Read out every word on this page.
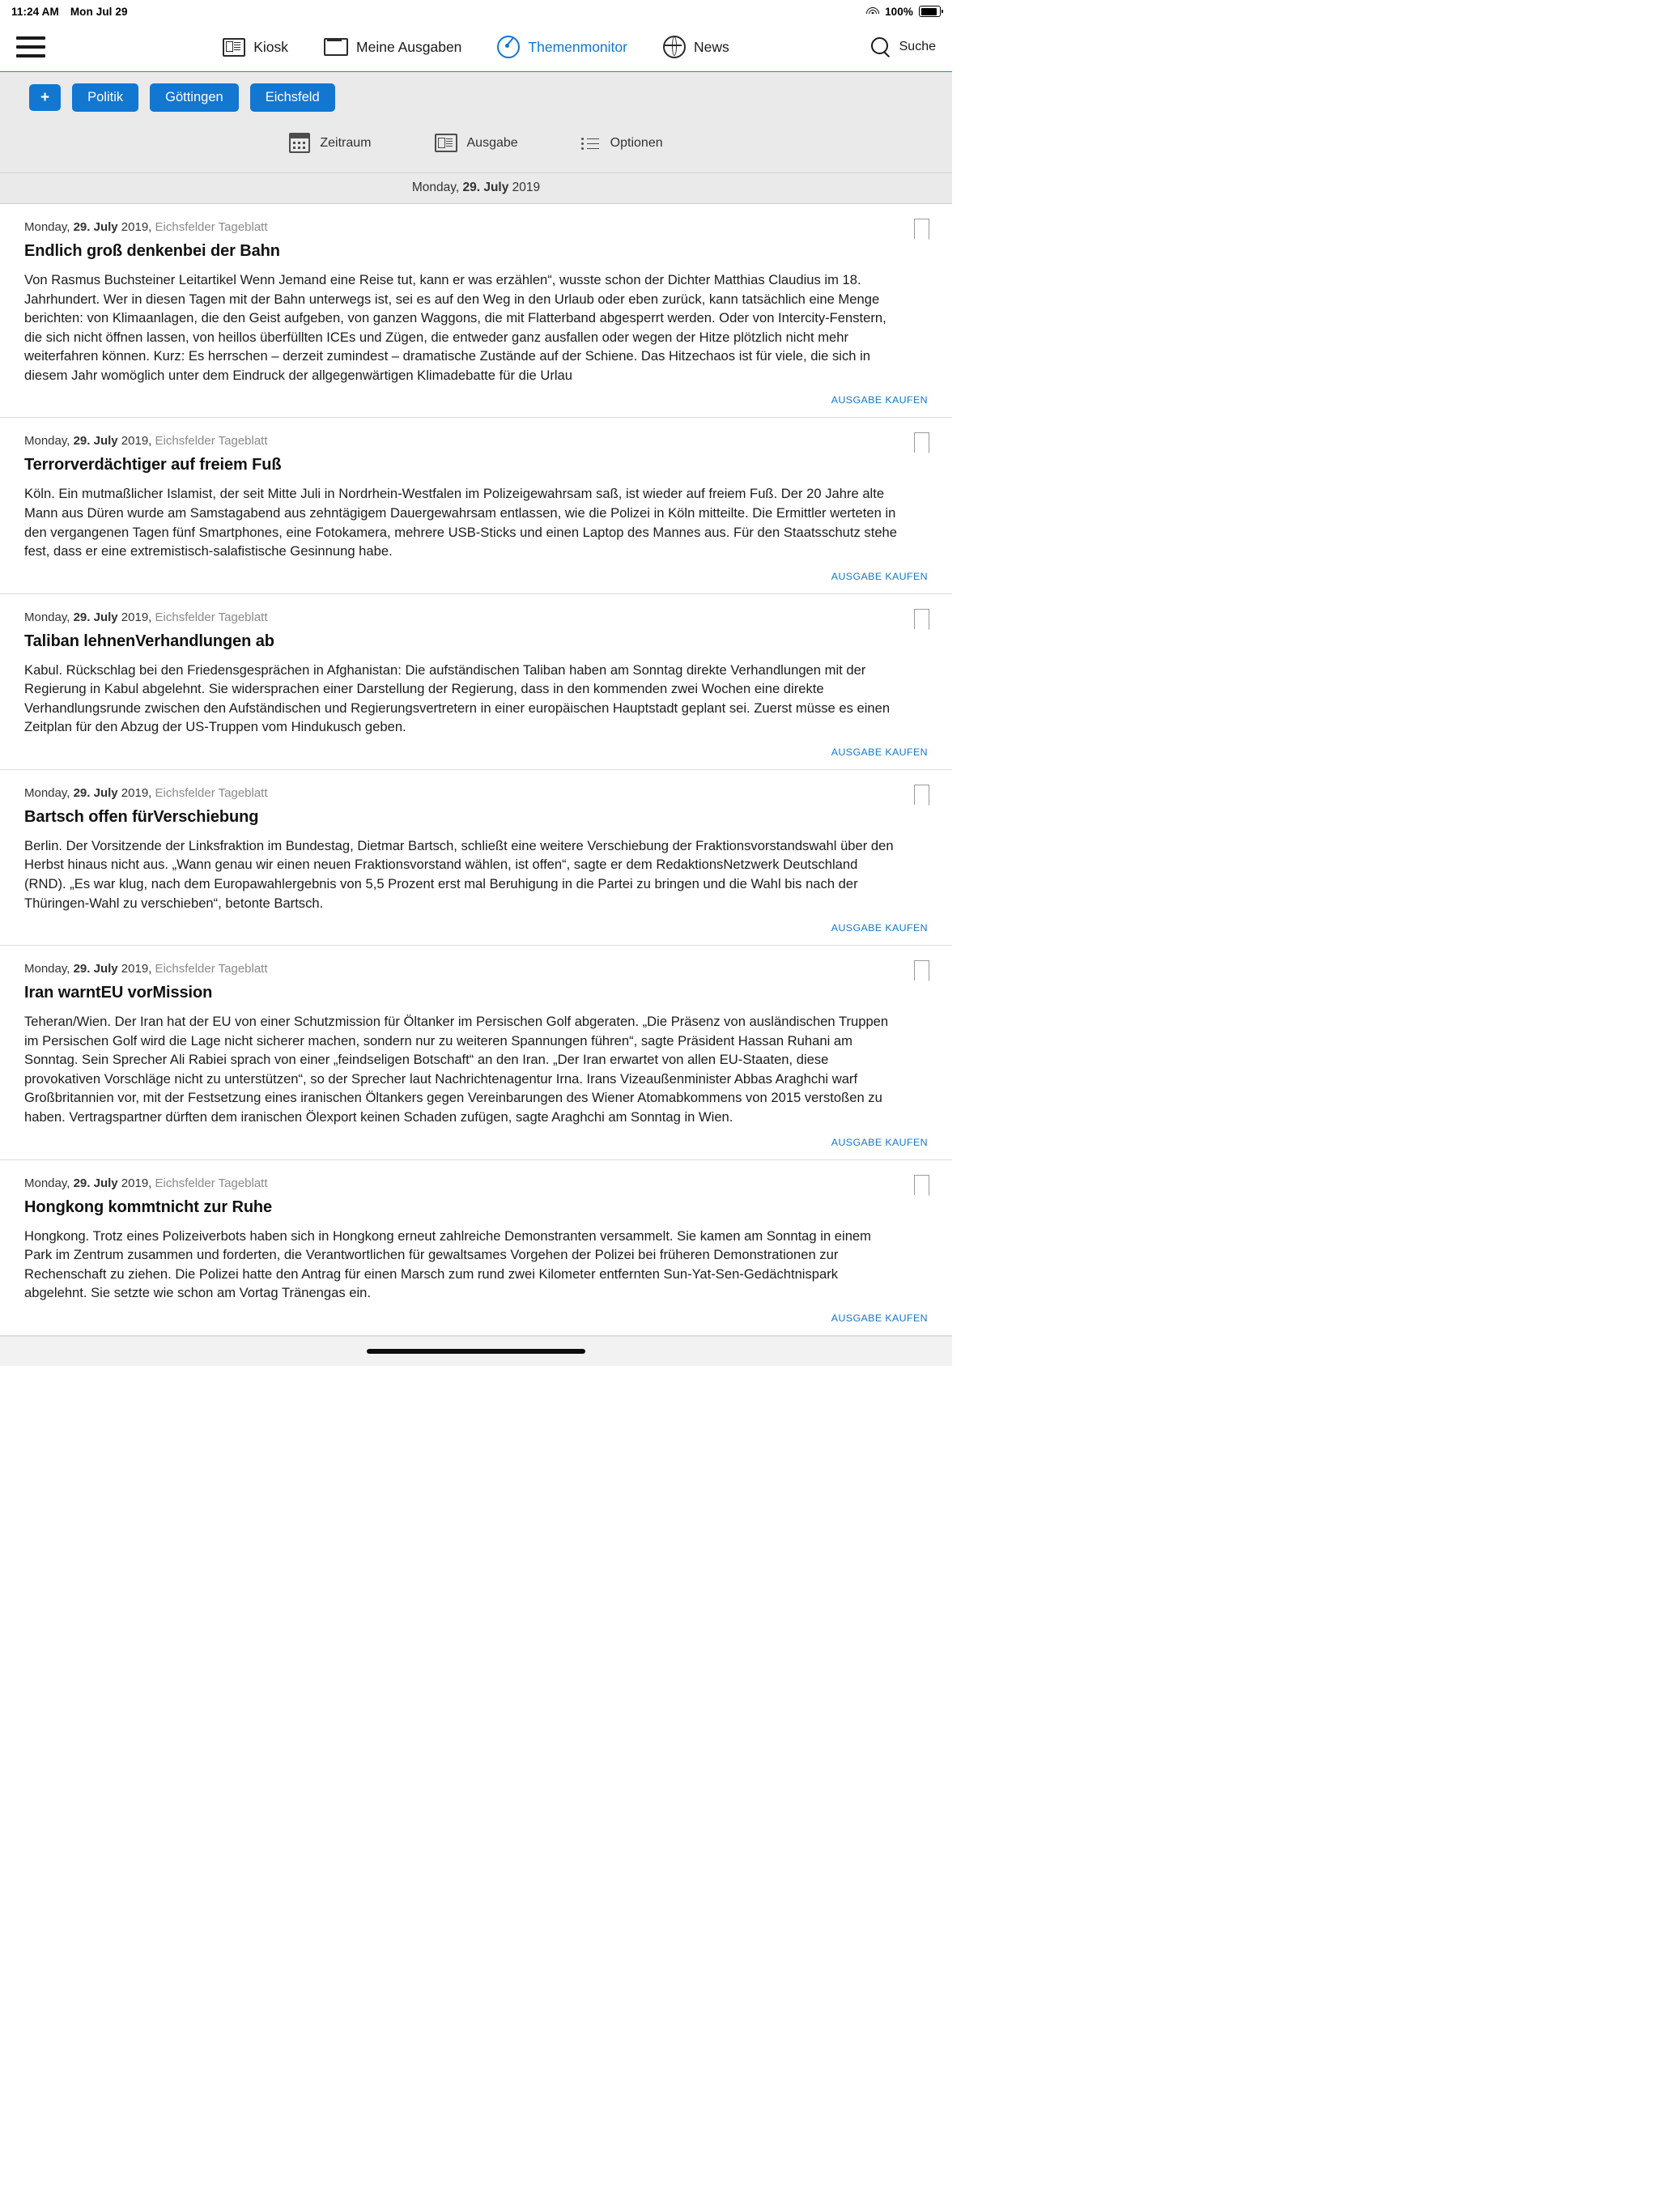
11:24 AM Mon Jul 29	100%
Kiosk	Meine Ausgaben	Themenmonitor	News	Suche
+	Politik	Göttingen	Eichsfeld
Zeitraum	Ausgabe	Optionen
Monday, 29. July 2019
Monday, 29. July 2019, Eichsfelder Tageblatt
Endlich groß denkenbei der Bahn

Von Rasmus Buchsteiner Leitartikel Wenn Jemand eine Reise tut, kann er was erzählen“, wusste schon der Dichter Matthias Claudius im 18. Jahrhundert. Wer in diesen Tagen mit der Bahn unterwegs ist, sei es auf den Weg in den Urlaub oder eben zurück, kann tatsächlich eine Menge berichten: von Klimaanlagen, die den Geist aufgeben, von ganzen Waggons, die mit Flatterband abgesperrt werden. Oder von Intercity-Fenstern, die sich nicht öffnen lassen, von heillos überfüllten ICEs und Zügen, die entweder ganz ausfallen oder wegen der Hitze plötzlich nicht mehr weiterfahren können. Kurz: Es herrschen – derzeit zumindest – dramatische Zustände auf der Schiene. Das Hitzechaos ist für viele, die sich in diesem Jahr womöglich unter dem Eindruck der allgegenwärtigen Klimadebatte für die Urlau

AUSGABE KAUFEN
Monday, 29. July 2019, Eichsfelder Tageblatt
Terrorverdächtiger auf freiem Fuß

Köln. Ein mutmaßlicher Islamist, der seit Mitte Juli in Nordrhein-Westfalen im Polizeigewahrsam saß, ist wieder auf freiem Fuß. Der 20 Jahre alte Mann aus Düren wurde am Samstagabend aus zehntägigem Dauergewahrsam entlassen, wie die Polizei in Köln mitteilte. Die Ermittler werteten in den vergangenen Tagen fünf Smartphones, eine Fotokamera, mehrere USB-Sticks und einen Laptop des Mannes aus. Für den Staatsschutz stehe fest, dass er eine extremistisch-salafistische Gesinnung habe.

AUSGABE KAUFEN
Monday, 29. July 2019, Eichsfelder Tageblatt
Taliban lehnenVerhandlungen ab

Kabul. Rückschlag bei den Friedensgesprächen in Afghanistan: Die aufständischen Taliban haben am Sonntag direkte Verhandlungen mit der Regierung in Kabul abgelehnt. Sie widersprachen einer Darstellung der Regierung, dass in den kommenden zwei Wochen eine direkte Verhandlungsrunde zwischen den Aufständischen und Regierungsvertretern in einer europäischen Hauptstadt geplant sei. Zuerst müsse es einen Zeitplan für den Abzug der US-Truppen vom Hindukusch geben.

AUSGABE KAUFEN
Monday, 29. July 2019, Eichsfelder Tageblatt
Bartsch offen fürVerschiebung

Berlin. Der Vorsitzende der Linksfraktion im Bundestag, Dietmar Bartsch, schließt eine weitere Verschiebung der Fraktionsvorstandswahl über den Herbst hinaus nicht aus. „Wann genau wir einen neuen Fraktionsvorstand wählen, ist offen“, sagte er dem RedaktionsNetzwerk Deutschland (RND). „Es war klug, nach dem Europawahlergebnis von 5,5 Prozent erst mal Beruhigung in die Partei zu bringen und die Wahl bis nach der Thüringen-Wahl zu verschieben“, betonte Bartsch.

AUSGABE KAUFEN
Monday, 29. July 2019, Eichsfelder Tageblatt
Iran warntEU vorMission

Teheran/Wien. Der Iran hat der EU von einer Schutzmission für Öltanker im Persischen Golf abgeraten. „Die Präsenz von ausländischen Truppen im Persischen Golf wird die Lage nicht sicherer machen, sondern nur zu weiteren Spannungen führen“, sagte Präsident Hassan Ruhani am Sonntag. Sein Sprecher Ali Rabiei sprach von einer „feindseligen Botschaft“ an den Iran. „Der Iran erwartet von allen EU-Staaten, diese provokativen Vorschläge nicht zu unterstützen“, so der Sprecher laut Nachrichtenagentur Irna. Irans Vizeaußenminister Abbas Araghchi warf Großbritannien vor, mit der Festsetzung eines iranischen Öltankers gegen Vereinbarungen des Wiener Atomabkommens von 2015 verstoßen zu haben. Vertragspartner dürften dem iranischen Ölexport keinen Schaden zufügen, sagte Araghchi am Sonntag in Wien.

AUSGABE KAUFEN
Monday, 29. July 2019, Eichsfelder Tageblatt
Hongkong kommtnicht zur Ruhe

Hongkong. Trotz eines Polizeiverbots haben sich in Hongkong erneut zahlreiche Demonstranten versammelt. Sie kamen am Sonntag in einem Park im Zentrum zusammen und forderten, die Verantwortlichen für gewaltsames Vorgehen der Polizei bei früheren Demonstrationen zur Rechenschaft zu ziehen. Die Polizei hatte den Antrag für einen Marsch zum rund zwei Kilometer entfernten Sun-Yat-Sen-Gedächtnispark abgelehnt. Sie setzte wie schon am Vortag Tränengas ein.

AUSGABE KAUFEN
